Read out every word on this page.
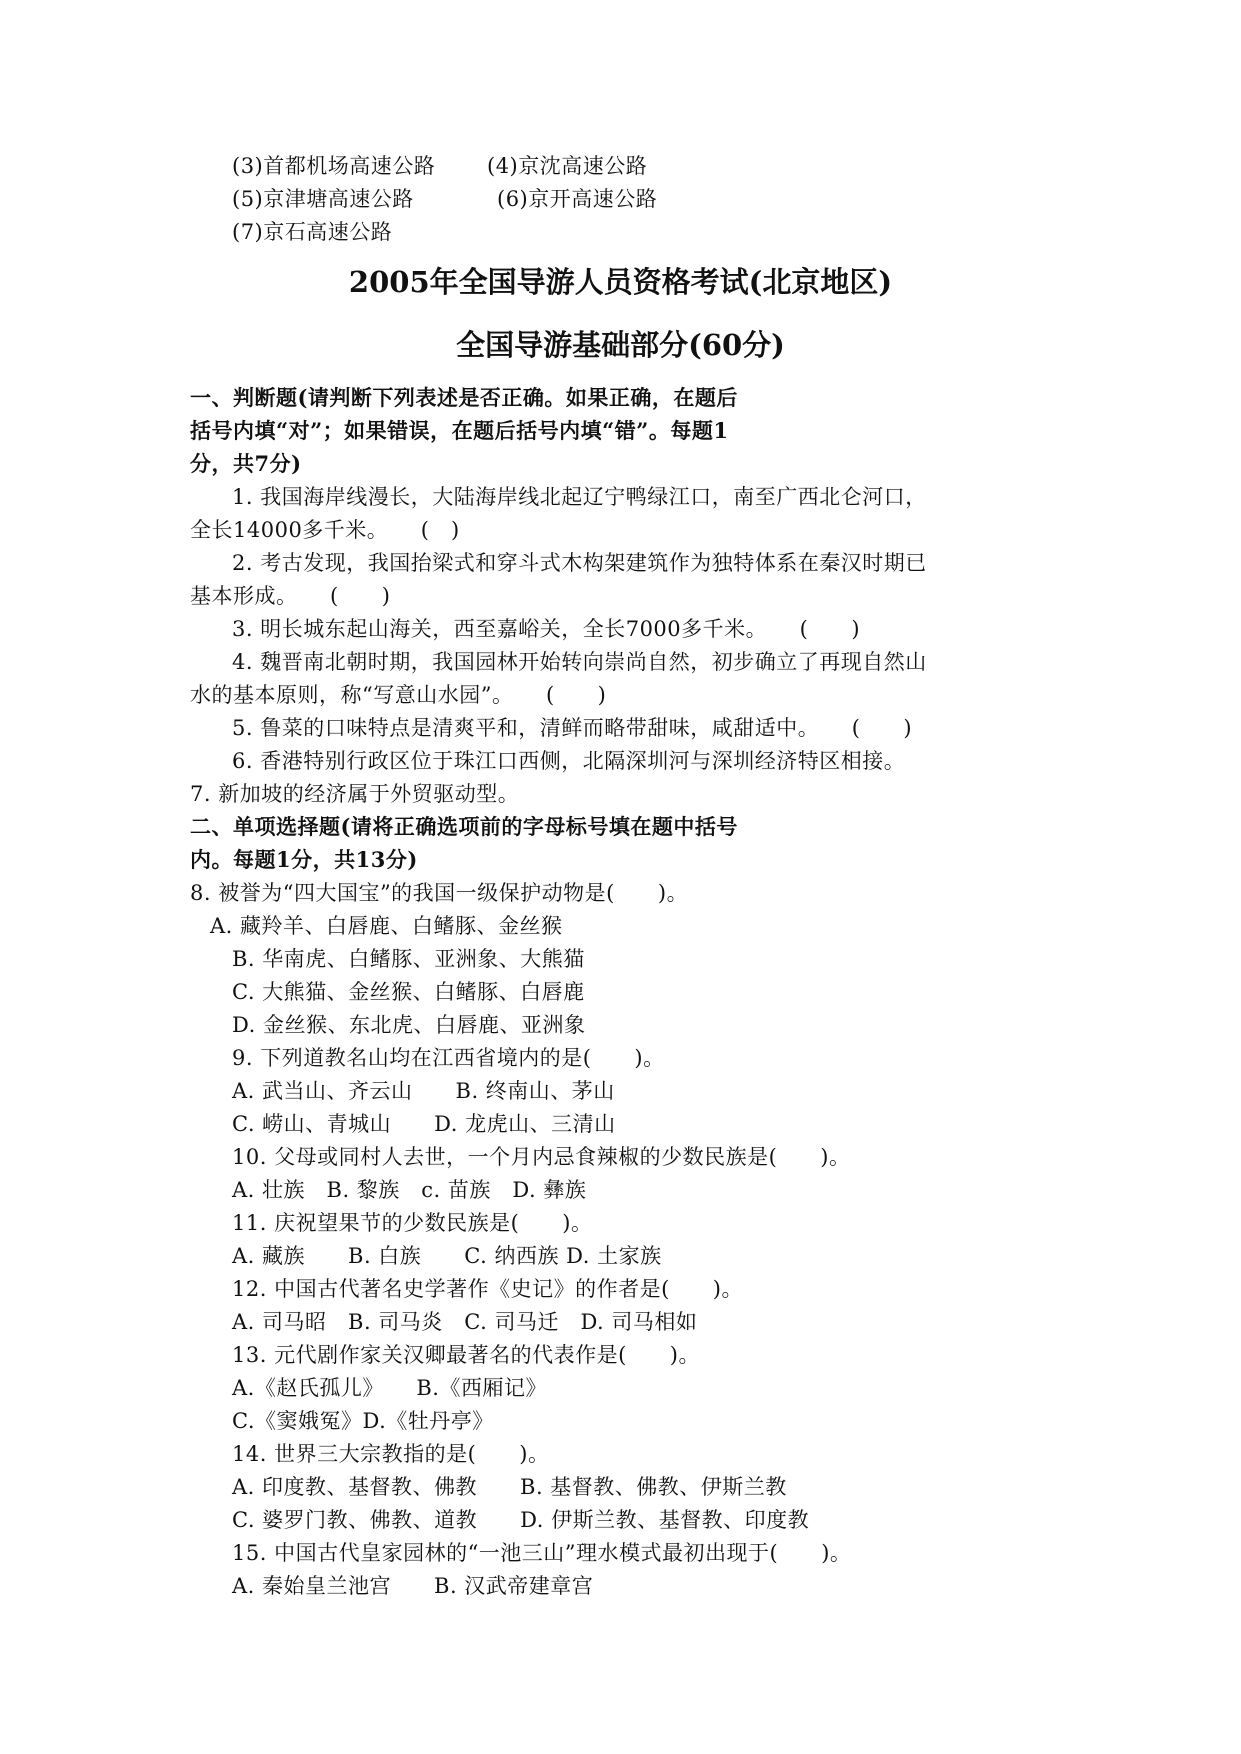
(3)首都机场高速公路 (4)京沈高速公路
(5)京津塘高速公路	(6)京开高速公路
(7)京石高速公路
2005年全国导游人员资格考试(北京地区)
全国导游基础部分(60分)
一、判断题(请判断下列表述是否正确。如果正确，在题后
括号内填“对”；如果错误，在题后括号内填“错”。每题1
分，共7分)
1. 我国海岸线漫长，大陆海岸线北起辽宁鸭绿江口，南至广西北仑河口，
全长14000多千米。　　(　)
2. 考古发现，我国抬梁式和穿斗式木构架建筑作为独特体系在秦汉时期已
基本形成。　　(　　)
3. 明长城东起山海关，西至嘉峪关，全长7000多千米。　　(　　)
4. 魏晋南北朝时期，我国园林开始转向崇尚自然，初步确立了再现自然山
水的基本原则，称“写意山水园”。　　(　　)
5. 鲁菜的口味特点是清爽平和，清鲜而略带甜味，咸甜适中。　　(　　)
6. 香港特别行政区位于珠江口西侧，北隔深圳河与深圳经济特区相接。
7. 新加坡的经济属于外贸驱动型。
二、单项选择题(请将正确选项前的字母标号填在题中括号
内。每题1分，共13分)
8. 被誉为“四大国宝”的我国一级保护动物是(　　)。
A. 藏羚羊、白唇鹿、白鳍豚、金丝猴
B. 华南虎、白鳍豚、亚洲象、大熊猫
C. 大熊猫、金丝猴、白鳍豚、白唇鹿
D. 金丝猴、东北虎、白唇鹿、亚洲象
9. 下列道教名山均在江西省境内的是(　　)。
A. 武当山、齐云山　　B. 终南山、茅山
C. 崂山、青城山　　D. 龙虎山、三清山
10. 父母或同村人去世，一个月内忌食辣椒的少数民族是(　　)。
A. 壮族　B. 黎族　c. 苗族　D. 彝族
11. 庆祝望果节的少数民族是(　　)。
A. 藏族　　B. 白族　　C. 纳西族 D. 土家族
12. 中国古代著名史学著作《史记》的作者是(　　)。
A. 司马昭　B. 司马炎　C. 司马迁　D. 司马相如
13. 元代剧作家关汉卿最著名的代表作是(　　)。
A.《赵氏孤儿》　　B.《西厢记》
C.《窦娥冤》D.《牡丹亭》
14. 世界三大宗教指的是(　　)。
A. 印度教、基督教、佛教　　B. 基督教、佛教、伊斯兰教
C. 婆罗门教、佛教、道教　　D. 伊斯兰教、基督教、印度教
15. 中国古代皇家园林的“一池三山”理水模式最初出现于(　　)。
A. 秦始皇兰池宫　　B. 汉武帝建章宫
